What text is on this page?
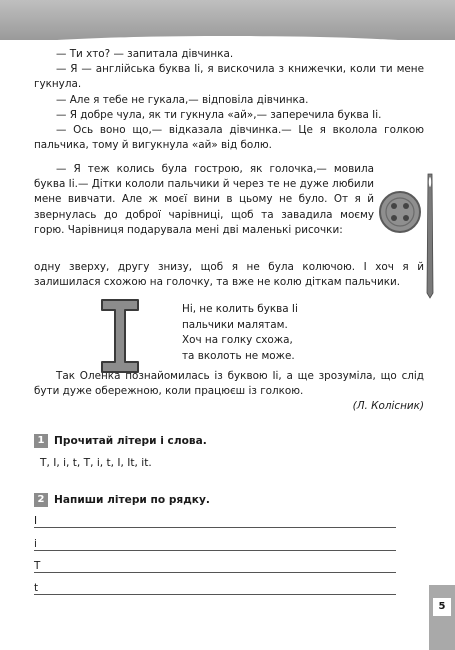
— Ти хто? — запитала дівчинка.

— Я — англійська буква Іі, я вискочила з книжечки, коли ти мене гукнула.

— Але я тебе не гукала,— відповіла дівчинка.

— Я добре чула, як ти гукнула «ай»,— заперечила буква Іі.

— Ось воно що,— відказала дівчинка.— Це я вколола голкою пальчика, тому й вигукнула «ай» від болю.

— Я теж колись була гострою, як голочка,— мовила буква Іі.— Дітки кололи пальчики й через те не дуже любили мене вивчати. Але ж моєї вини в цьому не було. От я й звернулась до доброї чарівниці, щоб та завадила моєму горю. Чарівниця подарувала мені дві маленькі рисочки:

одну зверху, другу знизу, щоб я не була колючою. І хоч я й залишилася схожою на голочку, та вже не колю діткам пальчики.

Ні, не колить буква Іі
пальчики малятам.
Хоч на голку схожа,
та вколоть не може.

Так Оленка познайомилась із буквою Іі, а ще зрозуміла, що слід бути дуже обережною, коли працюєш із голкою.

(Л. Колісник)
1 Прочитай літери і слова.
T, I, i, t, T, i, t, I, It, it.
2 Напиши літери по рядку.
I
i
T
t
5
